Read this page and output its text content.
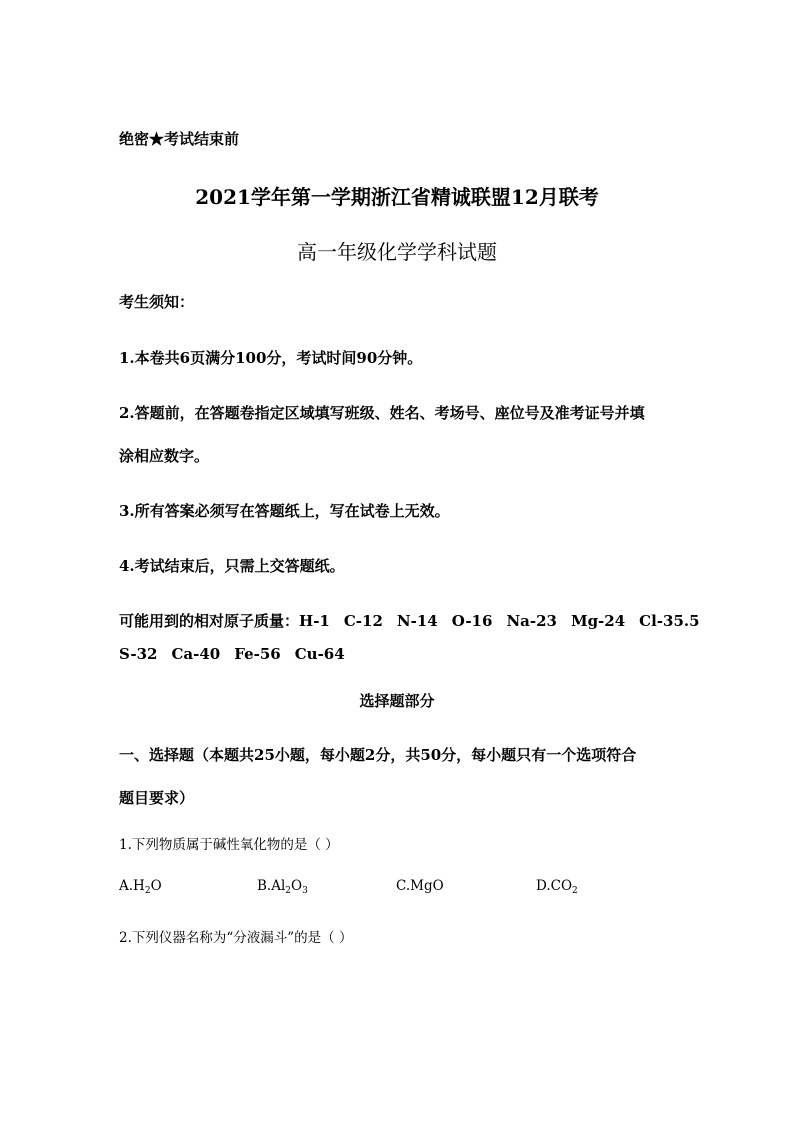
绝密★考试结束前
2021学年第一学期浙江省精诚联盟12月联考
高一年级化学学科试题
考生须知：
1.本卷共6页满分100分，考试时间90分钟。
2.答题前，在答题卷指定区域填写班级、姓名、考场号、座位号及准考证号并填
涂相应数字。
3.所有答案必须写在答题纸上，写在试卷上无效。
4.考试结束后，只需上交答题纸。
可能用到的相对原子质量：H-1 C-12 N-14 O-16 Na-23 Mg-24 Cl-35.5
S-32 Ca-40 Fe-56 Cu-64
选择题部分
一、选择题（本题共25小题，每小题2分，共50分，每小题只有一个选项符合
题目要求）
1.下列物质属于碱性氧化物的是（ ）
$A.H_2O$	$B.Al_2O_3$	C.MgO	$D.CO_2$
2.下列仪器名称为“分液漏斗”的是（ ）
